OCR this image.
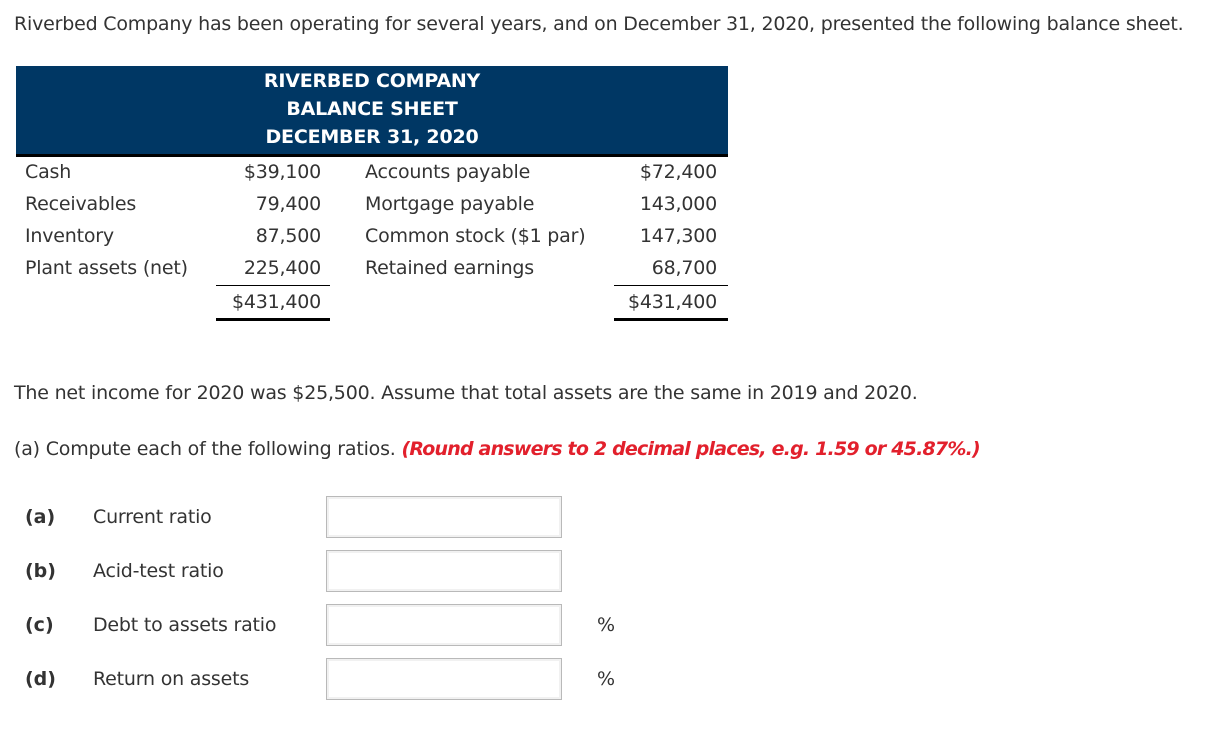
Riverbed Company has been operating for several years, and on December 31, 2020, presented the following balance sheet.
RIVERBED COMPANY
BALANCE SHEET
DECEMBER 31, 2020
Cash	$39,100 Accounts payable	$72,400
Receivables	79,400 Mortgage payable	143,000
Inventory	87,500 Common stock ($1 par)	147,300
Plant assets (net)	225,400 Retained earnings	68,700
$431,400	$431,400
The net income for 2020 was $25,500. Assume that total assets are the same in 2019 and 2020.
(a) Compute each of the following ratios. (Round answers to 2 decimal places, e.g. 1.59 or 45.87%.)
(a) Current ratio
(b) Acid-test ratio
(c) Debt to assets ratio	%
(d) Return on assets	%
